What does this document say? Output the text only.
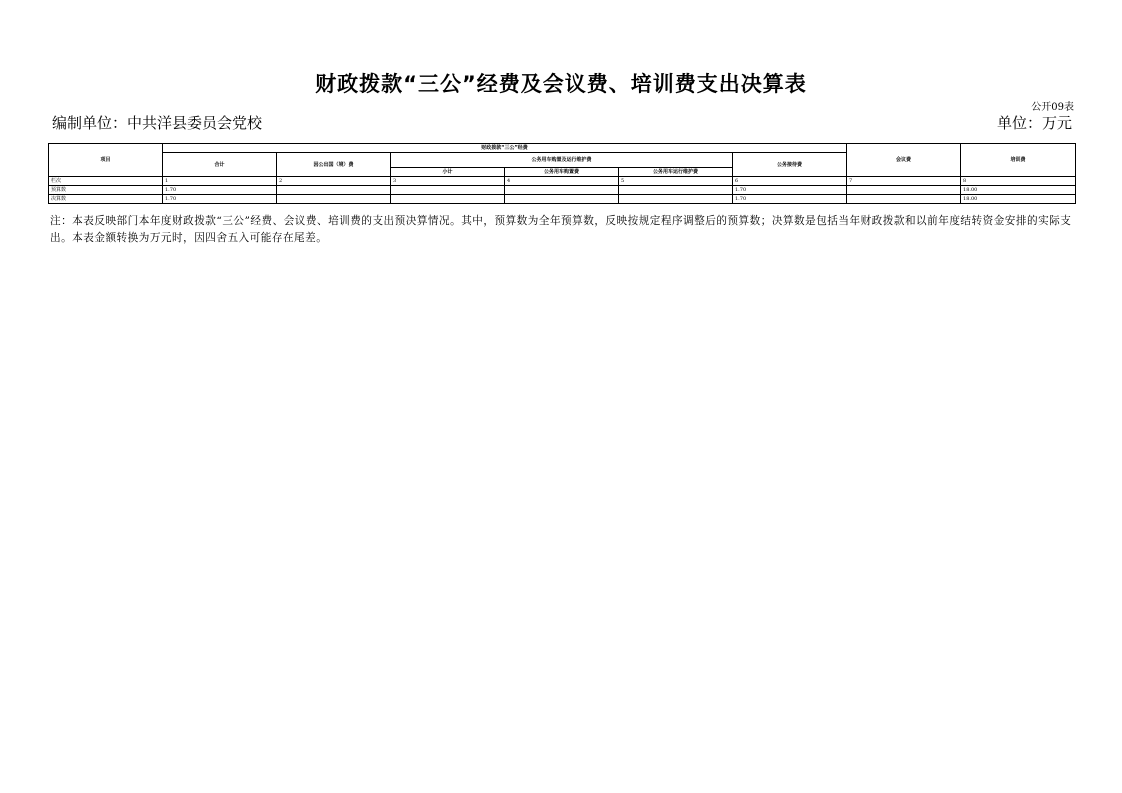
财政拨款“三公”经费及会议费、培训费支出决算表
公开09表
编制单位：中共洋县委员会党校	单位：万元
项目	财政拨款“三公”经费						会议费	培训费
	合计	因公出国（境）费	公务用车购置及运行维护费			公务接待费		
			小计	公务用车购置费	公务用车运行维护费			
栏次	1	2	3	4	5	6	7	8
预算数	1.70					1.70		18.00
决算数	1.70					1.70		18.00
注：本表反映部门本年度财政拨款“三公”经费、会议费、培训费的支出预决算情况。其中，预算数为全年预算数，反映按规定程序调整后的预算数；决算数是包括当年财政拨款和以前年度结转资金安排的实际支出。本表金额转换为万元时，因四舍五入可能存在尾差。
